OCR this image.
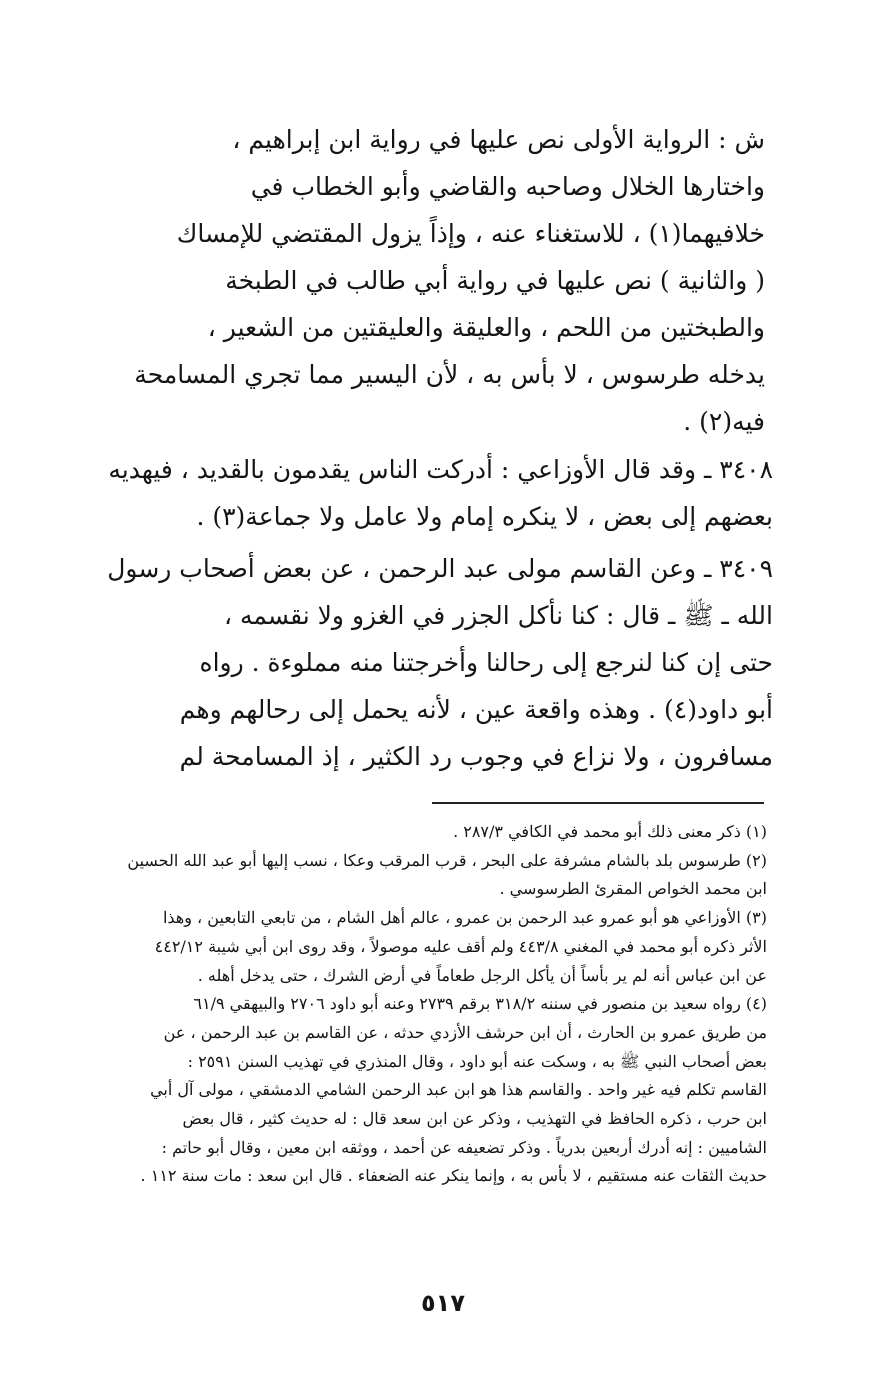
ش : الرواية الأولى نص عليها في رواية ابن إبراهيم ،
واختارها الخلال وصاحبه والقاضي وأبو الخطاب في
خلافيهما(١) ، للاستغناء عنه ، وإذاً يزول المقتضي للإمساك
( والثانية ) نص عليها في رواية أبي طالب في الطبخة
والطبختين من اللحم ، والعليقة والعليقتين من الشعير ،
يدخله طرسوس ، لا بأس به ، لأن اليسير مما تجري المسامحة
فيه(٢) .
٣٤٠٨ ـ وقد قال الأوزاعي : أدركت الناس يقدمون بالقديد ، فيهديه
بعضهم إلى بعض ، لا ينكره إمام ولا عامل ولا جماعة(٣) .
٣٤٠٩ ـ وعن القاسم مولى عبد الرحمن ، عن بعض أصحاب رسول
الله ـ ﷺ ـ قال : كنا نأكل الجزر في الغزو ولا نقسمه ،
حتى إن كنا لنرجع إلى رحالنا وأخرجتنا منه مملوءة . رواه
أبو داود(٤) . وهذه واقعة عين ، لأنه يحمل إلى رحالهم وهم
مسافرون ، ولا نزاع في وجوب رد الكثير ، إذ المسامحة لم
(١) ذكر معنى ذلك أبو محمد في الكافي ٢٨٧/٣ .
(٢) طرسوس بلد بالشام مشرفة على البحر ، قرب المرقب وعكا ، نسب إليها أبو عبد الله الحسين
ابن محمد الخواص المقرئ الطرسوسي .
(٣) الأوزاعي هو أبو عمرو عبد الرحمن بن عمرو ، عالم أهل الشام ، من تابعي التابعين ، وهذا
الأثر ذكره أبو محمد في المغني ٤٤٣/٨ ولم أقف عليه موصولاً ، وقد روى ابن أبي شيبة ٤٤٢/١٢
عن ابن عباس أنه لم ير بأساً أن يأكل الرجل طعاماً في أرض الشرك ، حتى يدخل أهله .
(٤) رواه سعيد بن منصور في سننه ٣١٨/٢ برقم ٢٧٣٩ وعنه أبو داود ٢٧٠٦ والبيهقي ٦١/٩
من طريق عمرو بن الحارث ، أن ابن حرشف الأزدي حدثه ، عن القاسم بن عبد الرحمن ، عن
بعض أصحاب النبي ﷺ به ، وسكت عنه أبو داود ، وقال المنذري في تهذيب السنن ٢٥٩١ :
القاسم تكلم فيه غير واحد . والقاسم هذا هو ابن عبد الرحمن الشامي الدمشقي ، مولى آل أبي
ابن حرب ، ذكره الحافظ في التهذيب ، وذكر عن ابن سعد قال : له حديث كثير ، قال بعض
الشاميين : إنه أدرك أربعين بدرياً . وذكر تضعيفه عن أحمد ، ووثقه ابن معين ، وقال أبو حاتم :
حديث الثقات عنه مستقيم ، لا بأس به ، وإنما ينكر عنه الضعفاء . قال ابن سعد : مات سنة ١١٢ .
٥١٧
